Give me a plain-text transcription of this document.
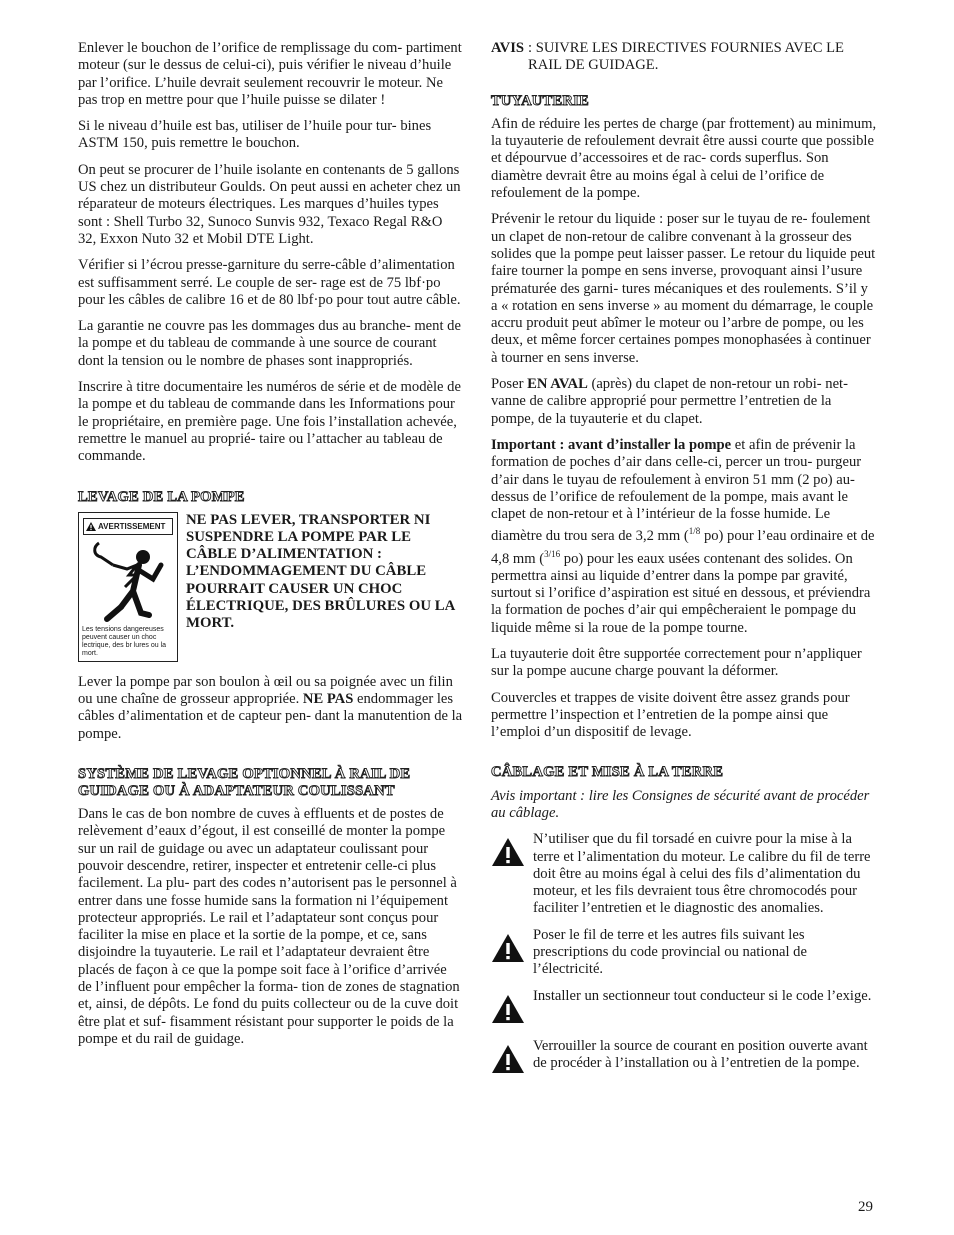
Enlever le bouchon de l’orifice de remplissage du com- partiment moteur (sur le dessus de celui-ci), puis vérifier le niveau d’huile par l’orifice. L’huile devrait seulement recouvrir le moteur. Ne pas trop en mettre pour que l’huile puisse se dilater !

Si le niveau d’huile est bas, utiliser de l’huile pour tur- bines ASTM 150, puis remettre le bouchon.

On peut se procurer de l’huile isolante en contenants de 5 gallons US chez un distributeur Goulds. On peut aussi en acheter chez un réparateur de moteurs électriques. Les marques d’huiles types sont : Shell Turbo 32, Sunoco Sunvis 932, Texaco Regal R&O 32, Exxon Nuto 32 et Mobil DTE Light.

Vérifier si l’écrou presse-garniture du serre-câble d’alimentation est suffisamment serré. Le couple de ser- rage est de 75 lbf·po pour les câbles de calibre 16 et de 80 lbf·po pour tout autre câble.

La garantie ne couvre pas les dommages dus au branche- ment de la pompe et du tableau de commande à une source de courant dont la tension ou le nombre de phases sont inappropriés.

Inscrire à titre documentaire les numéros de série et de modèle de la pompe et du tableau de commande dans les Informations pour le propriétaire, en première page. Une fois l’installation achevée, remettre le manuel au proprié- taire ou l’attacher au tableau de commande.

LEVAGE DE LA POMPE
AVERTISSEMENT
Les tensions dangereuses peuvent causer un choc lectrique, des br lures ou la mort.
NE PAS LEVER, TRANSPORTER NI SUSPENDRE LA POMPE PAR LE CÂBLE D’ALIMENTATION : L’ENDOMMAGEMENT DU CÂBLE POURRAIT CAUSER UN CHOC ÉLECTRIQUE, DES BRÛLURES OU LA MORT.

Lever la pompe par son boulon à œil ou sa poignée avec un filin ou une chaîne de grosseur appropriée. NE PAS endommager les câbles d’alimentation et de capteur pen- dant la manutention de la pompe.

SYSTÈME DE LEVAGE OPTIONNEL À RAIL DE GUIDAGE OU À ADAPTATEUR COULISSANT

Dans le cas de bon nombre de cuves à effluents et de postes de relèvement d’eaux d’égout, il est conseillé de monter la pompe sur un rail de guidage ou avec un adaptateur coulissant pour pouvoir descendre, retirer, inspecter et entretenir celle-ci plus facilement. La plu- part des codes n’autorisent pas le personnel à entrer dans une fosse humide sans la formation ni l’équipement protecteur appropriés. Le rail et l’adaptateur sont conçus pour faciliter la mise en place et la sortie de la pompe, et ce, sans disjoindre la tuyauterie. Le rail et l’adaptateur devraient être placés de façon à ce que la pompe soit face à l’orifice d’arrivée de l’influent pour empêcher la forma- tion de zones de stagnation et, ainsi, de dépôts. Le fond du puits collecteur ou de la cuve doit être plat et suf- fisamment résistant pour supporter le poids de la pompe et du rail de guidage.

AVIS : SUIVRE LES DIRECTIVES FOURNIES AVEC LE RAIL DE GUIDAGE.
TUYAUTERIE

Afin de réduire les pertes de charge (par frottement) au minimum, la tuyauterie de refoulement devrait être aussi courte que possible et dépourvue d’accessoires et de rac- cords superflus. Son diamètre devrait être au moins égal à celui de l’orifice de refoulement de la pompe.

Prévenir le retour du liquide : poser sur le tuyau de re- foulement un clapet de non-retour de calibre convenant à la grosseur des solides que la pompe peut laisser passer. Le retour du liquide peut faire tourner la pompe en sens inverse, provoquant ainsi l’usure prématurée des garni- tures mécaniques et des roulements. S’il y a « rotation en sens inverse » au moment du démarrage, le couple accru produit peut abîmer le moteur ou l’arbre de pompe, ou les deux, et même forcer certaines pompes monophasées à continuer à tourner en sens inverse.

Poser EN AVAL (après) du clapet de non-retour un robi- net-vanne de calibre approprié pour permettre l’entretien de la pompe, de la tuyauterie et du clapet.

Important : avant d’installer la pompe et afin de prévenir la formation de poches d’air dans celle-ci, percer un trou- purgeur d’air dans le tuyau de refoulement à environ 51 mm (2 po) au-dessus de l’orifice de refoulement de la pompe, mais avant le clapet de non-retour et à l’intérieur de la fosse humide. Le diamètre du trou sera de 3,2 mm ($^{1/8}$ po) pour l’eau ordinaire et de 4,8 mm ($^{3/16}$ po) pour les eaux usées contenant des solides. On permettra ainsi au liquide d’entrer dans la pompe par gravité, surtout si l’orifice d’aspiration est situé en dessous, et préviendra la formation de poches d’air qui empêcheraient le pompage du liquide même si la roue de la pompe tourne.

La tuyauterie doit être supportée correctement pour n’appliquer sur la pompe aucune charge pouvant la déformer.

Couvercles et trappes de visite doivent être assez grands pour permettre l’inspection et l’entretien de la pompe ainsi que l’emploi d’un dispositif de levage.

CÂBLAGE ET MISE À LA TERRE

Avis important : lire les Consignes de sécurité avant de procéder au câblage.

N’utiliser que du fil torsadé en cuivre pour la mise à la terre et l’alimentation du moteur. Le calibre du fil de terre doit être au moins égal à celui des fils d’alimentation du moteur, et les fils devraient tous être chromocodés pour faciliter l’entretien et le diagnostic des anomalies.
Poser le fil de terre et les autres fils suivant les prescriptions du code provincial ou national de l’électricité.
Installer un sectionneur tout conducteur si le code l’exige.
Verrouiller la source de courant en position ouverte avant de procéder à l’installation ou à l’entretien de la pompe.
29
